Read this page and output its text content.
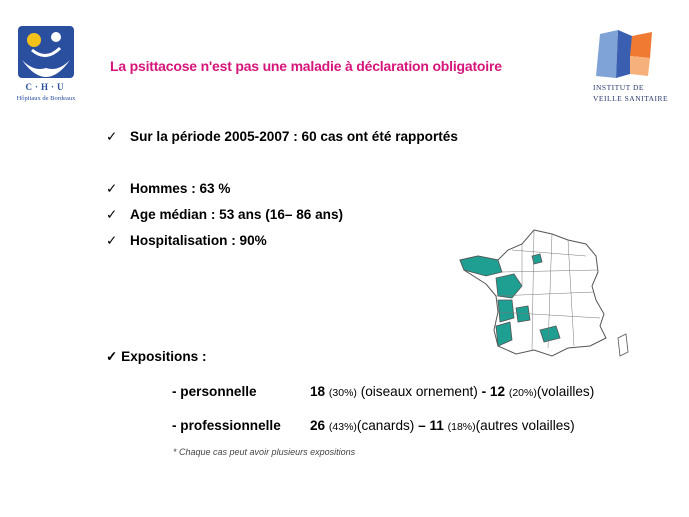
C·H·U
Hôpitaux de Bordeaux
La psittacose n'est pas une maladie à déclaration obligatoire
INSTITUT DE
VEILLE SANITAIRE
✓ Sur la période 2005-2007 : 60 cas ont été rapportés
✓ Hommes : 63 %
✓ Age médian : 53 ans (16– 86 ans)
✓ Hospitalisation : 90%
✓ Expositions :
- personnelle	18 (30%) (oiseaux ornement) - 12 (20%)(volailles)
- professionnelle 26 (43%)(canards) – 11 (18%)(autres volailles)
* Chaque cas peut avoir plusieurs expositions
